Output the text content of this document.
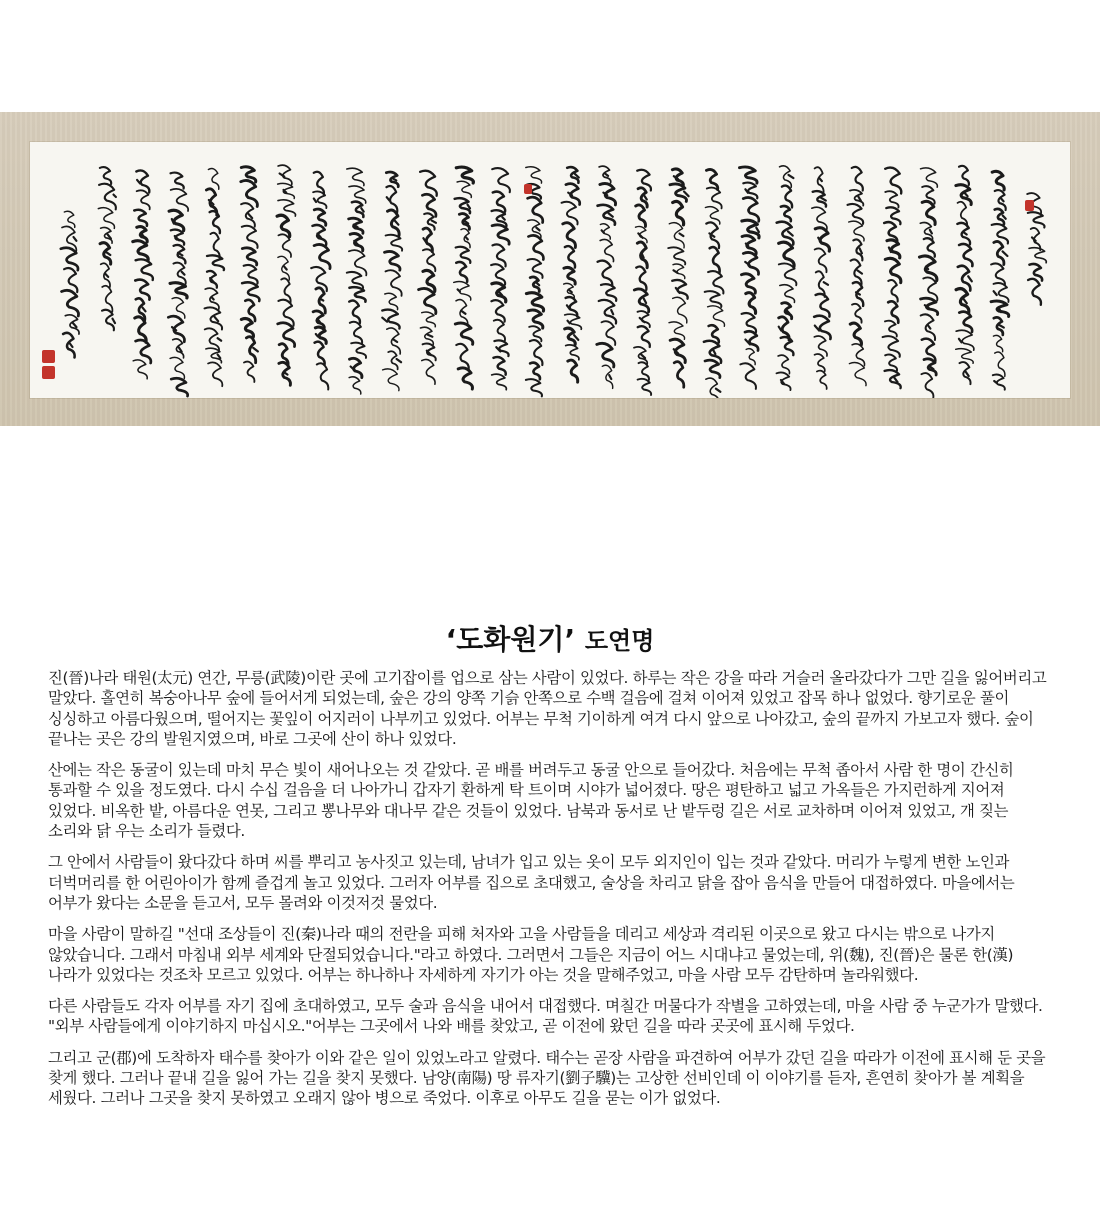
‘도화원기’ 도연명

진(晉)나라 태원(太元) 연간, 무릉(武陵)이란 곳에 고기잡이를 업으로 삼는 사람이 있었다. 하루는 작은 강을 따라 거슬러 올라갔다가 그만 길을 잃어버리고 말았다. 홀연히 복숭아나무 숲에 들어서게 되었는데, 숲은 강의 양쪽 기슭 안쪽으로 수백 걸음에 걸쳐 이어져 있었고 잡목 하나 없었다. 향기로운 풀이 싱싱하고 아름다웠으며, 떨어지는 꽃잎이 어지러이 나부끼고 있었다. 어부는 무척 기이하게 여겨 다시 앞으로 나아갔고, 숲의 끝까지 가보고자 했다. 숲이 끝나는 곳은 강의 발원지였으며, 바로 그곳에 산이 하나 있었다.

산에는 작은 동굴이 있는데 마치 무슨 빛이 새어나오는 것 같았다. 곧 배를 버려두고 동굴 안으로 들어갔다. 처음에는 무척 좁아서 사람 한 명이 간신히 통과할 수 있을 정도였다. 다시 수십 걸음을 더 나아가니 갑자기 환하게 탁 트이며 시야가 넓어졌다. 땅은 평탄하고 넓고 가옥들은 가지런하게 지어져 있었다. 비옥한 밭, 아름다운 연못, 그리고 뽕나무와 대나무 같은 것들이 있었다. 남북과 동서로 난 밭두렁 길은 서로 교차하며 이어져 있었고, 개 짖는 소리와 닭 우는 소리가 들렸다.

그 안에서 사람들이 왔다갔다 하며 씨를 뿌리고 농사짓고 있는데, 남녀가 입고 있는 옷이 모두 외지인이 입는 것과 같았다. 머리가 누렇게 변한 노인과 더벅머리를 한 어린아이가 함께 즐겁게 놀고 있었다. 그러자 어부를 집으로 초대했고, 술상을 차리고 닭을 잡아 음식을 만들어 대접하였다. 마을에서는 어부가 왔다는 소문을 듣고서, 모두 몰려와 이것저것 물었다.

마을 사람이 말하길 "선대 조상들이 진(秦)나라 때의 전란을 피해 처자와 고을 사람들을 데리고 세상과 격리된 이곳으로 왔고 다시는 밖으로 나가지 않았습니다. 그래서 마침내 외부 세계와 단절되었습니다."라고 하였다. 그러면서 그들은 지금이 어느 시대냐고 물었는데, 위(魏), 진(晉)은 물론 한(漢)나라가 있었다는 것조차 모르고 있었다. 어부는 하나하나 자세하게 자기가 아는 것을 말해주었고, 마을 사람 모두 감탄하며 놀라워했다.

다른 사람들도 각자 어부를 자기 집에 초대하였고, 모두 술과 음식을 내어서 대접했다. 며칠간 머물다가 작별을 고하였는데, 마을 사람 중 누군가가 말했다. "외부 사람들에게 이야기하지 마십시오."어부는 그곳에서 나와 배를 찾았고, 곧 이전에 왔던 길을 따라 곳곳에 표시해 두었다.

그리고 군(郡)에 도착하자 태수를 찾아가 이와 같은 일이 있었노라고 알렸다. 태수는 곧장 사람을 파견하여 어부가 갔던 길을 따라가 이전에 표시해 둔 곳을 찾게 했다. 그러나 끝내 길을 잃어 가는 길을 찾지 못했다. 남양(南陽) 땅 류자기(劉子驥)는 고상한 선비인데 이 이야기를 듣자, 흔연히 찾아가 볼 계획을 세웠다. 그러나 그곳을 찾지 못하였고 오래지 않아 병으로 죽었다. 이후로 아무도 길을 묻는 이가 없었다.
